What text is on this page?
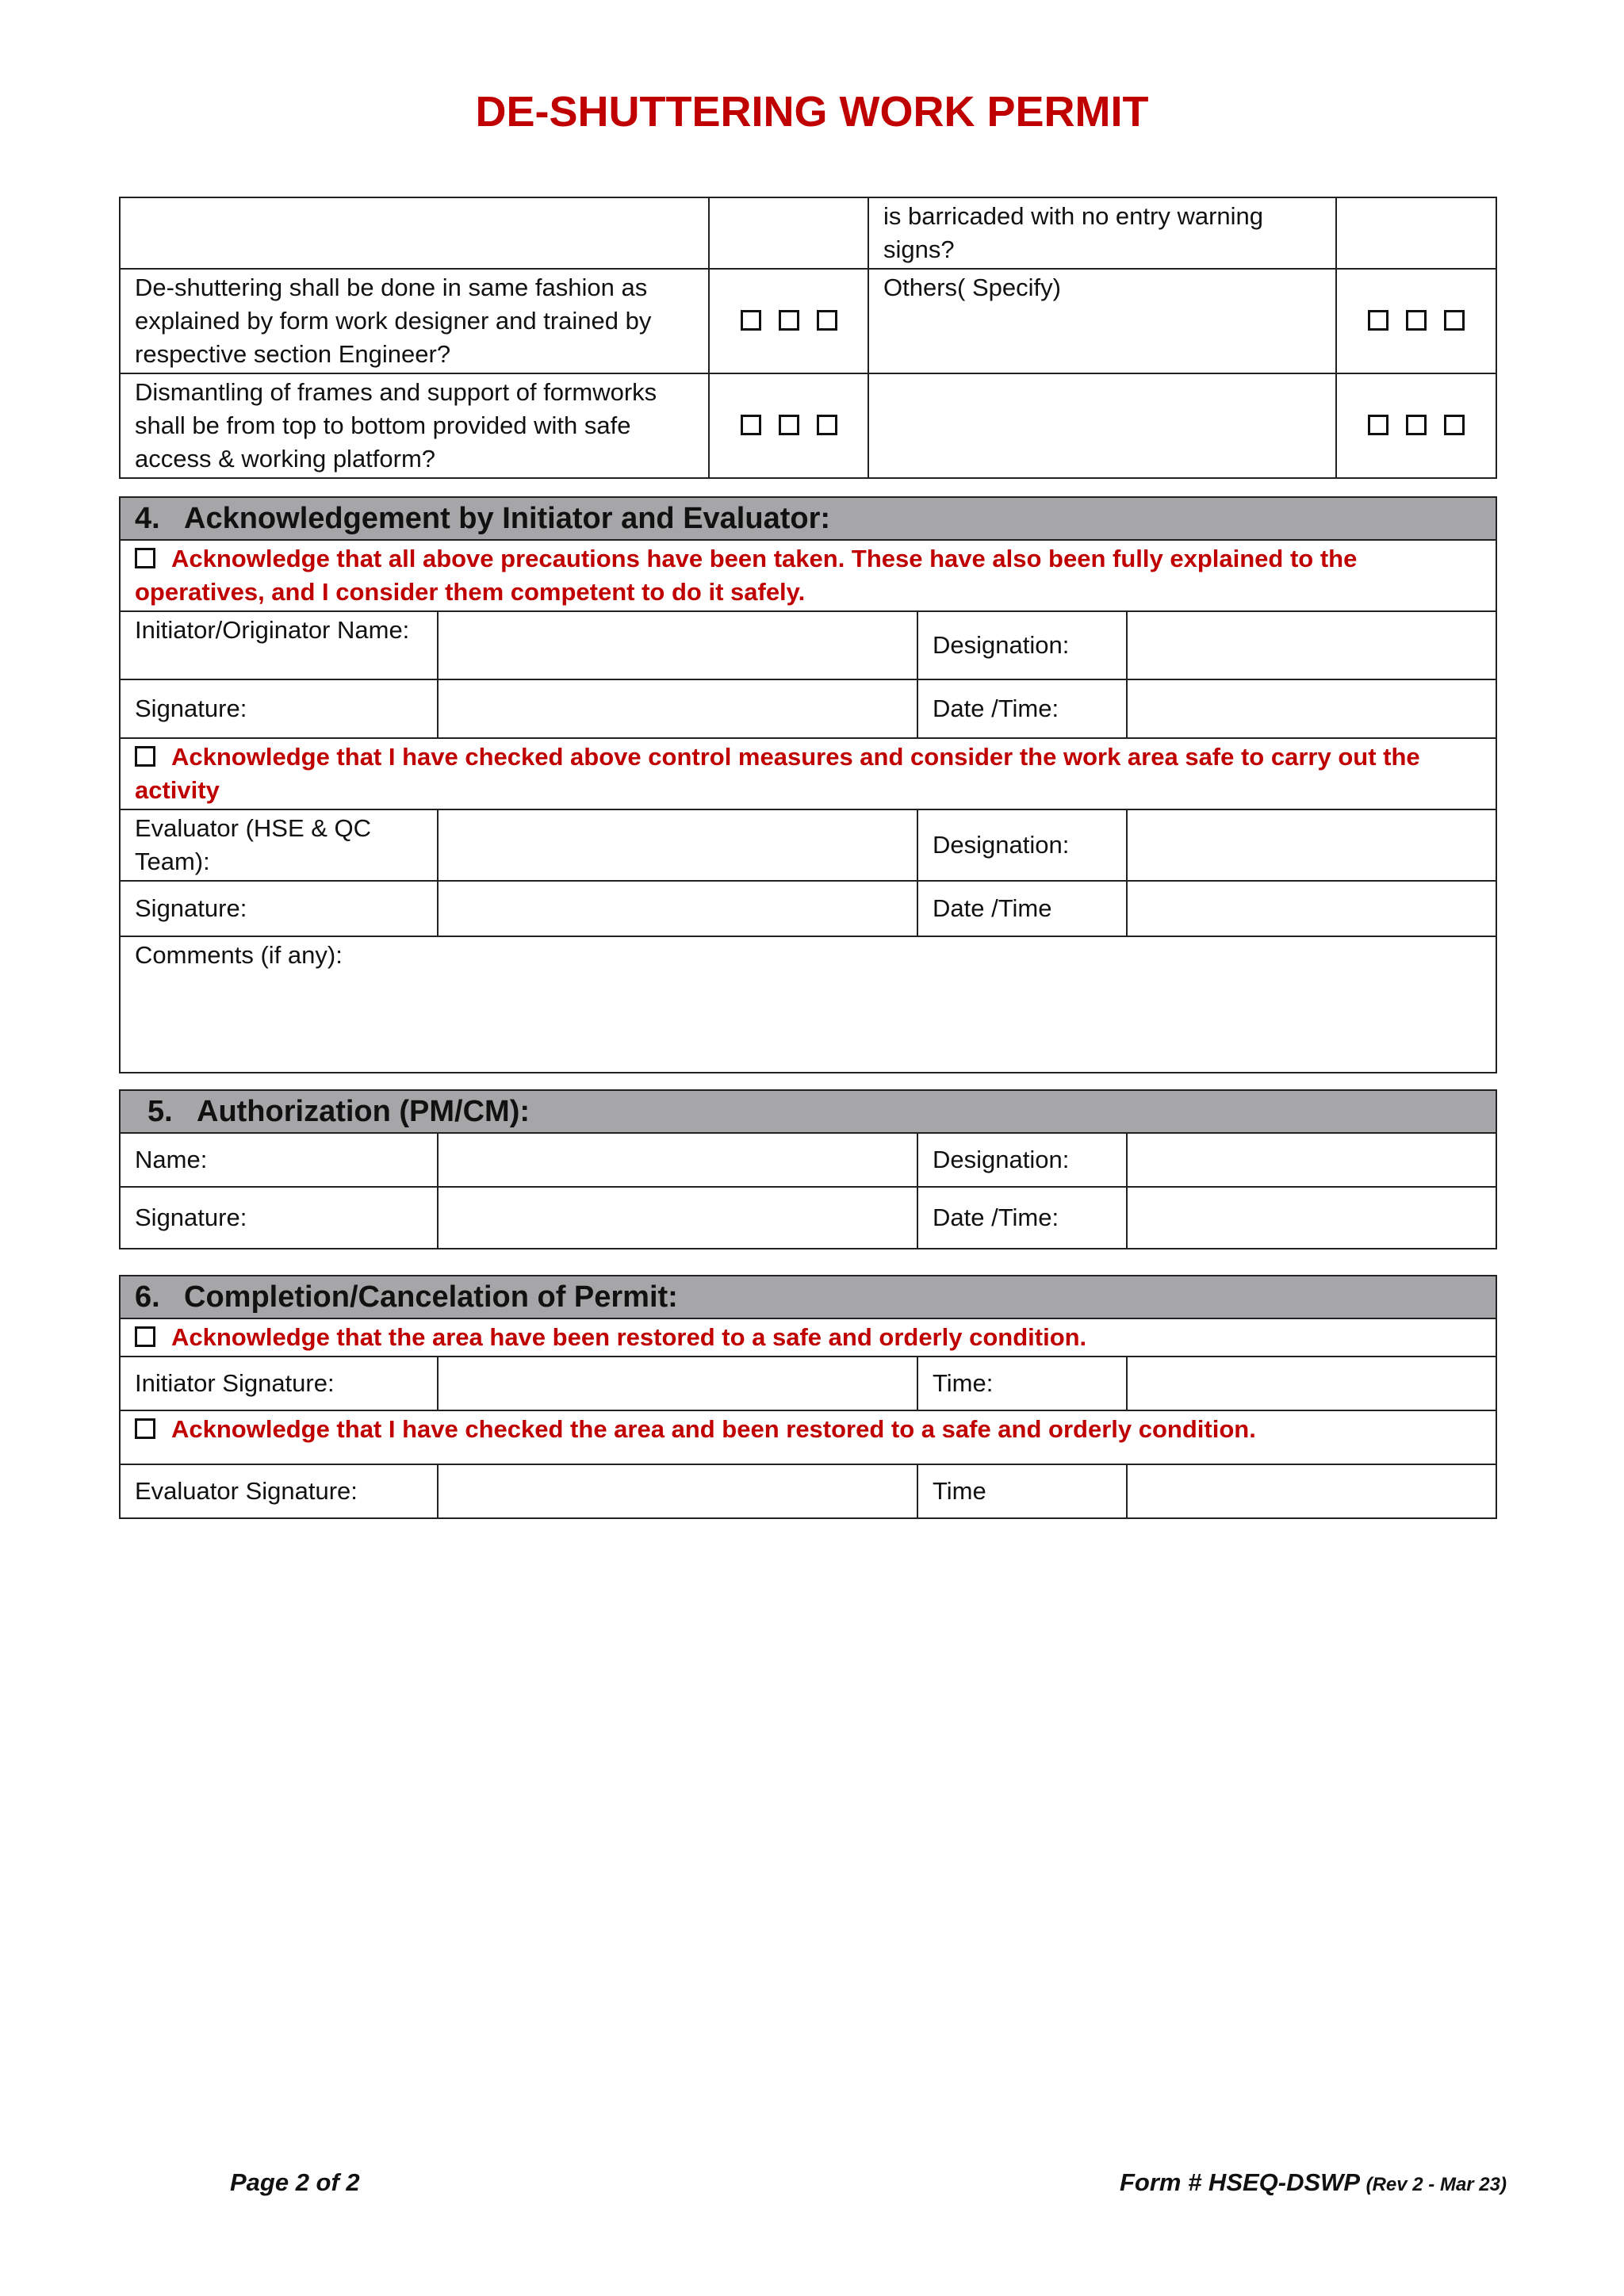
DE-SHUTTERING WORK PERMIT
		is barricaded with no entry warning signs?	
De-shuttering shall be done in same fashion as explained by form work designer and trained by respective section Engineer?		Others( Specify)	
Dismantling of frames and support of formworks shall be from top to bottom provided with safe access & working platform?			
4. Acknowledgement by Initiator and Evaluator:			
Acknowledge that all above precautions have been taken. These have also been fully explained to the operatives, and I consider them competent to do it safely.			
Initiator/Originator Name:		Designation:	
Signature:		Date /Time:	
Acknowledge that I have checked above control measures and consider the work area safe to carry out the activity			
Evaluator (HSE & QC Team):		Designation:	
Signature:		Date /Time	
Comments (if any):			
5. Authorization (PM/CM):			
Name:		Designation:	
Signature:		Date /Time:	
6. Completion/Cancelation of Permit:			
Acknowledge that the area have been restored to a safe and orderly condition.			
Initiator Signature:		Time:	
Acknowledge that I have checked the area and been restored to a safe and orderly condition.			
Evaluator Signature:		Time	
Page 2 of 2	Form # HSEQ-DSWP (Rev 2 - Mar 23)
